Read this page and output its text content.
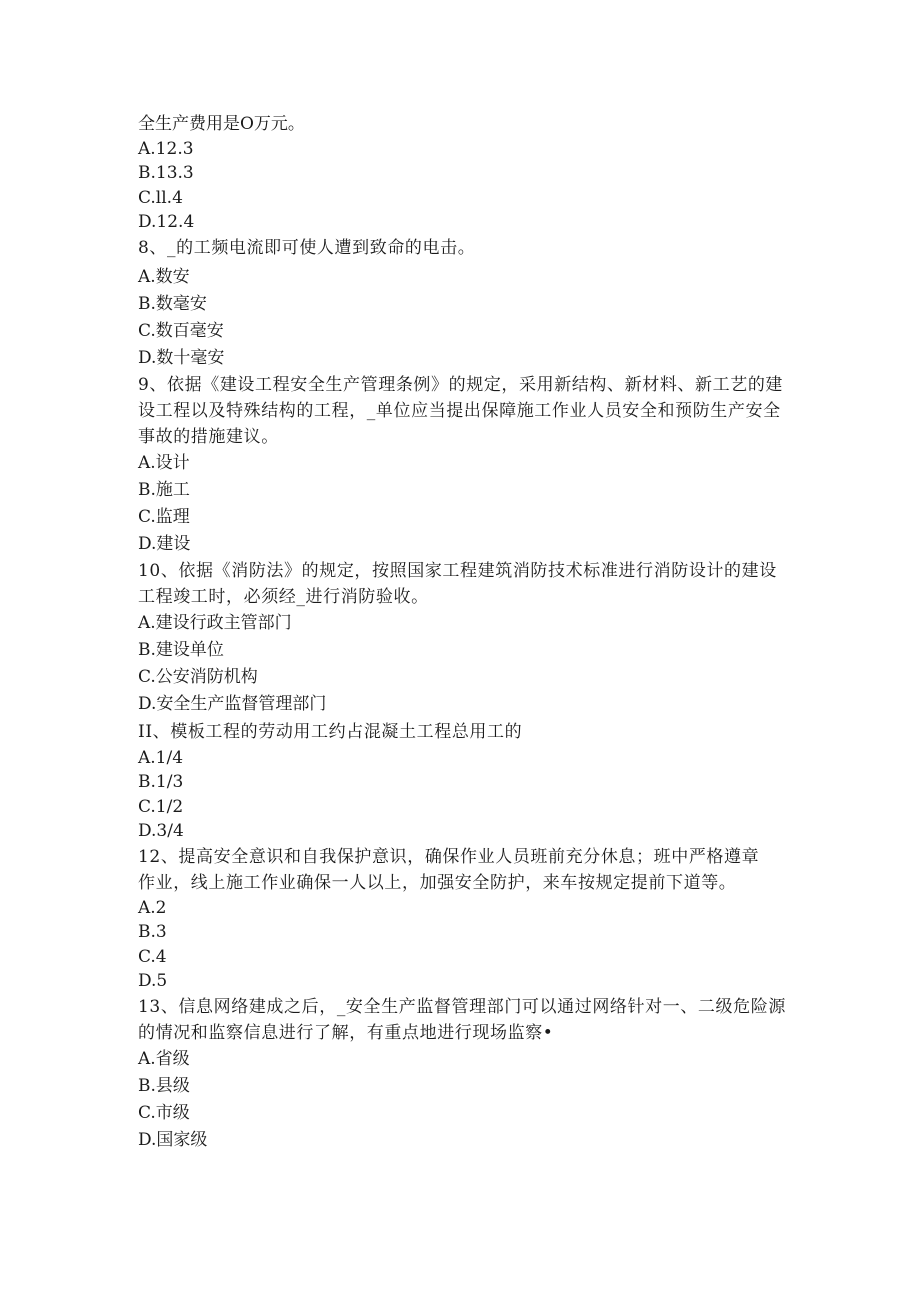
全生产费用是O万元。

A.12.3

B.13.3

C.ll.4

D.12.4

8、_的工频电流即可使人遭到致命的电击。

A.数安

B.数毫安

C.数百毫安

D.数十毫安

9、依据《建设工程安全生产管理条例》的规定，采用新结构、新材料、新工艺的建设工程以及特殊结构的工程，_单位应当提出保障施工作业人员安全和预防生产安全事故的措施建议。

A.设计

B.施工

C.监理

D.建设

10、依据《消防法》的规定，按照国家工程建筑消防技术标准进行消防设计的建设工程竣工时，必须经_进行消防验收。

A.建设行政主管部门

B.建设单位

C.公安消防机构

D.安全生产监督管理部门

II、模板工程的劳动用工约占混凝土工程总用工的

A.1/4

B.1/3

C.1/2

D.3/4

12、提高安全意识和自我保护意识，确保作业人员班前充分休息；班中严格遵章作业，线上施工作业确保一人以上，加强安全防护，来车按规定提前下道等。

A.2

B.3

C.4

D.5

13、信息网络建成之后，_安全生产监督管理部门可以通过网络针对一、二级危险源的情况和监察信息进行了解，有重点地进行现场监察•

A.省级

B.县级

C.市级

D.国家级
